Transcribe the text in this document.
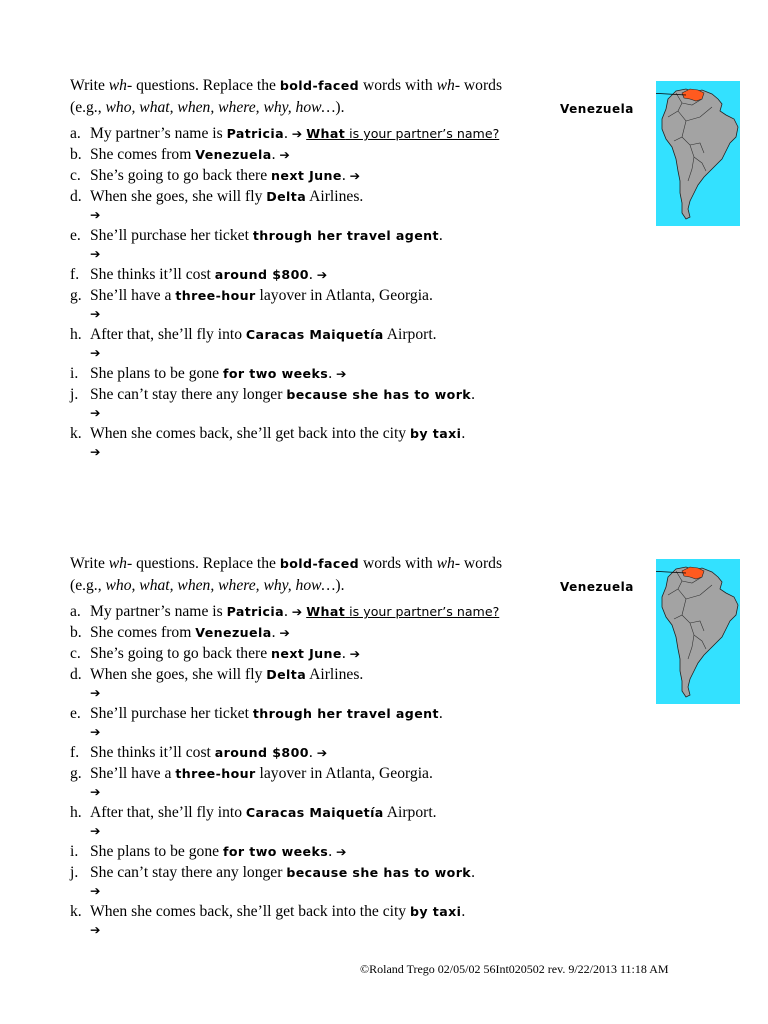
Write wh- questions. Replace the bold-faced words with wh- words
(e.g., who, what, when, where, why, how…).	Venezuela
a. My partner’s name is Patricia. ➔ What is your partner’s name?
b. She comes from Venezuela. ➔
c. She’s going to go back there next June. ➔
d. When she goes, she will fly Delta Airlines.
➔
e. She’ll purchase her ticket through her travel agent.
➔
f. She thinks it’ll cost around $800. ➔
g. She’ll have a three-hour layover in Atlanta, Georgia.
➔
h. After that, she’ll fly into Caracas Maiquetía Airport.
➔
i. She plans to be gone for two weeks. ➔
j. She can’t stay there any longer because she has to work.
➔
k. When she comes back, she’ll get back into the city by taxi.
➔
Write wh- questions. Replace the bold-faced words with wh- words
(e.g., who, what, when, where, why, how…).	Venezuela
a. My partner’s name is Patricia. ➔ What is your partner’s name?
b. She comes from Venezuela. ➔
c. She’s going to go back there next June. ➔
d. When she goes, she will fly Delta Airlines.
➔
e. She’ll purchase her ticket through her travel agent.
➔
f. She thinks it’ll cost around $800. ➔
g. She’ll have a three-hour layover in Atlanta, Georgia.
➔
h. After that, she’ll fly into Caracas Maiquetía Airport.
➔
i. She plans to be gone for two weeks. ➔
j. She can’t stay there any longer because she has to work.
➔
k. When she comes back, she’ll get back into the city by taxi.
➔
©Roland Trego 02/05/02 56Int020502 rev. 9/22/2013 11:18 AM
